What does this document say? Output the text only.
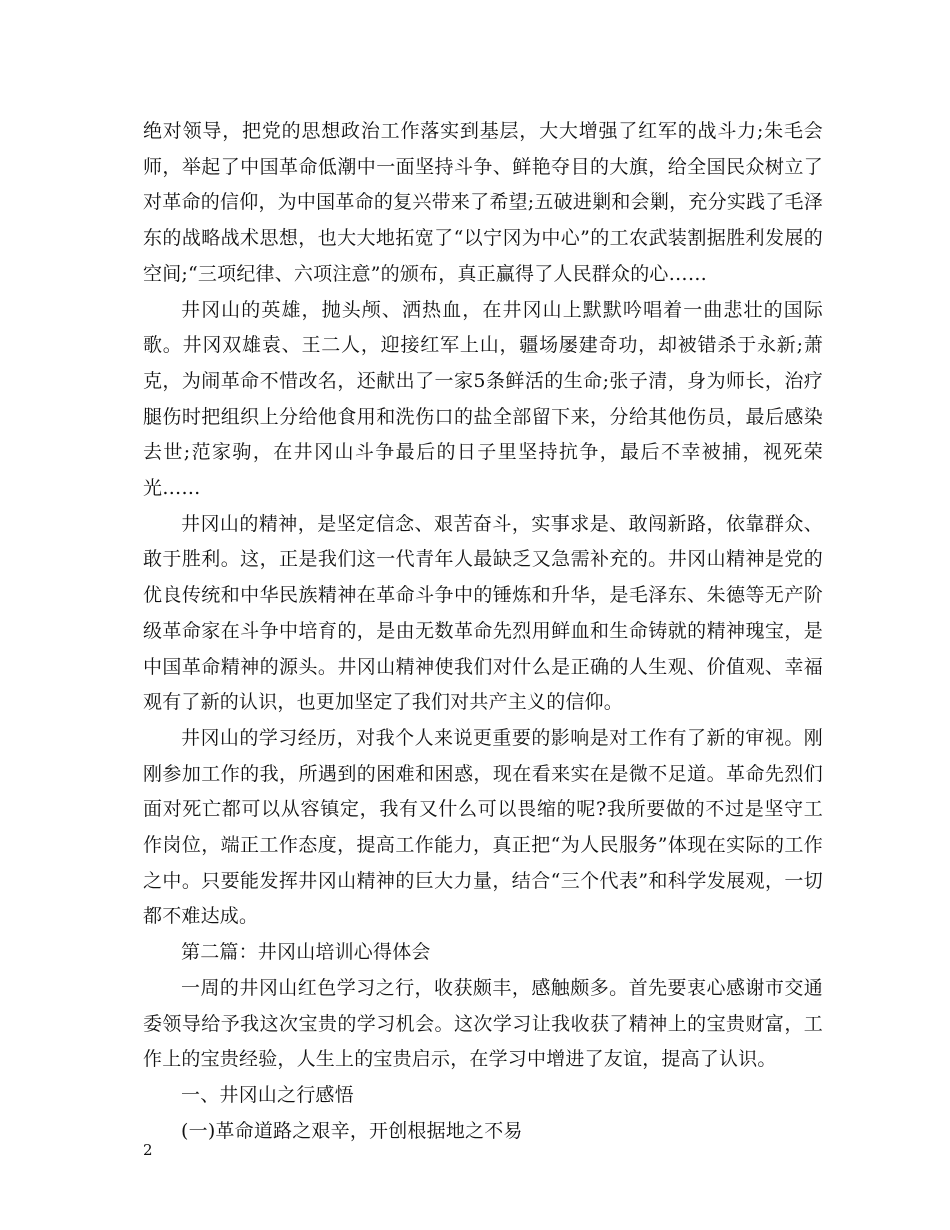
绝对领导，把党的思想政治工作落实到基层，大大增强了红军的战斗力;朱毛会师，举起了中国革命低潮中一面坚持斗争、鲜艳夺目的大旗，给全国民众树立了对革命的信仰，为中国革命的复兴带来了希望;五破进剿和会剿，充分实践了毛泽东的战略战术思想，也大大地拓宽了“以宁冈为中心”的工农武装割据胜利发展的空间;“三项纪律、六项注意”的颁布，真正赢得了人民群众的心……

井冈山的英雄，抛头颅、洒热血，在井冈山上默默吟唱着一曲悲壮的国际歌。井冈双雄袁、王二人，迎接红军上山，疆场屡建奇功，却被错杀于永新;萧克，为闹革命不惜改名，还献出了一家5条鲜活的生命;张子清，身为师长，治疗腿伤时把组织上分给他食用和洗伤口的盐全部留下来，分给其他伤员，最后感染去世;范家驹，在井冈山斗争最后的日子里坚持抗争，最后不幸被捕，视死荣光……

井冈山的精神，是坚定信念、艰苦奋斗，实事求是、敢闯新路，依靠群众、敢于胜利。这，正是我们这一代青年人最缺乏又急需补充的。井冈山精神是党的优良传统和中华民族精神在革命斗争中的锤炼和升华，是毛泽东、朱德等无产阶级革命家在斗争中培育的，是由无数革命先烈用鲜血和生命铸就的精神瑰宝，是中国革命精神的源头。井冈山精神使我们对什么是正确的人生观、价值观、幸福观有了新的认识，也更加坚定了我们对共产主义的信仰。

井冈山的学习经历，对我个人来说更重要的影响是对工作有了新的审视。刚刚参加工作的我，所遇到的困难和困惑，现在看来实在是微不足道。革命先烈们面对死亡都可以从容镇定，我有又什么可以畏缩的呢?我所要做的不过是坚守工作岗位，端正工作态度，提高工作能力，真正把“为人民服务”体现在实际的工作之中。只要能发挥井冈山精神的巨大力量，结合“三个代表”和科学发展观，一切都不难达成。

第二篇：井冈山培训心得体会

一周的井冈山红色学习之行，收获颇丰，感触颇多。首先要衷心感谢市交通委领导给予我这次宝贵的学习机会。这次学习让我收获了精神上的宝贵财富，工作上的宝贵经验，人生上的宝贵启示，在学习中增进了友谊，提高了认识。

一、井冈山之行感悟

(一)革命道路之艰辛，开创根据地之不易

2
